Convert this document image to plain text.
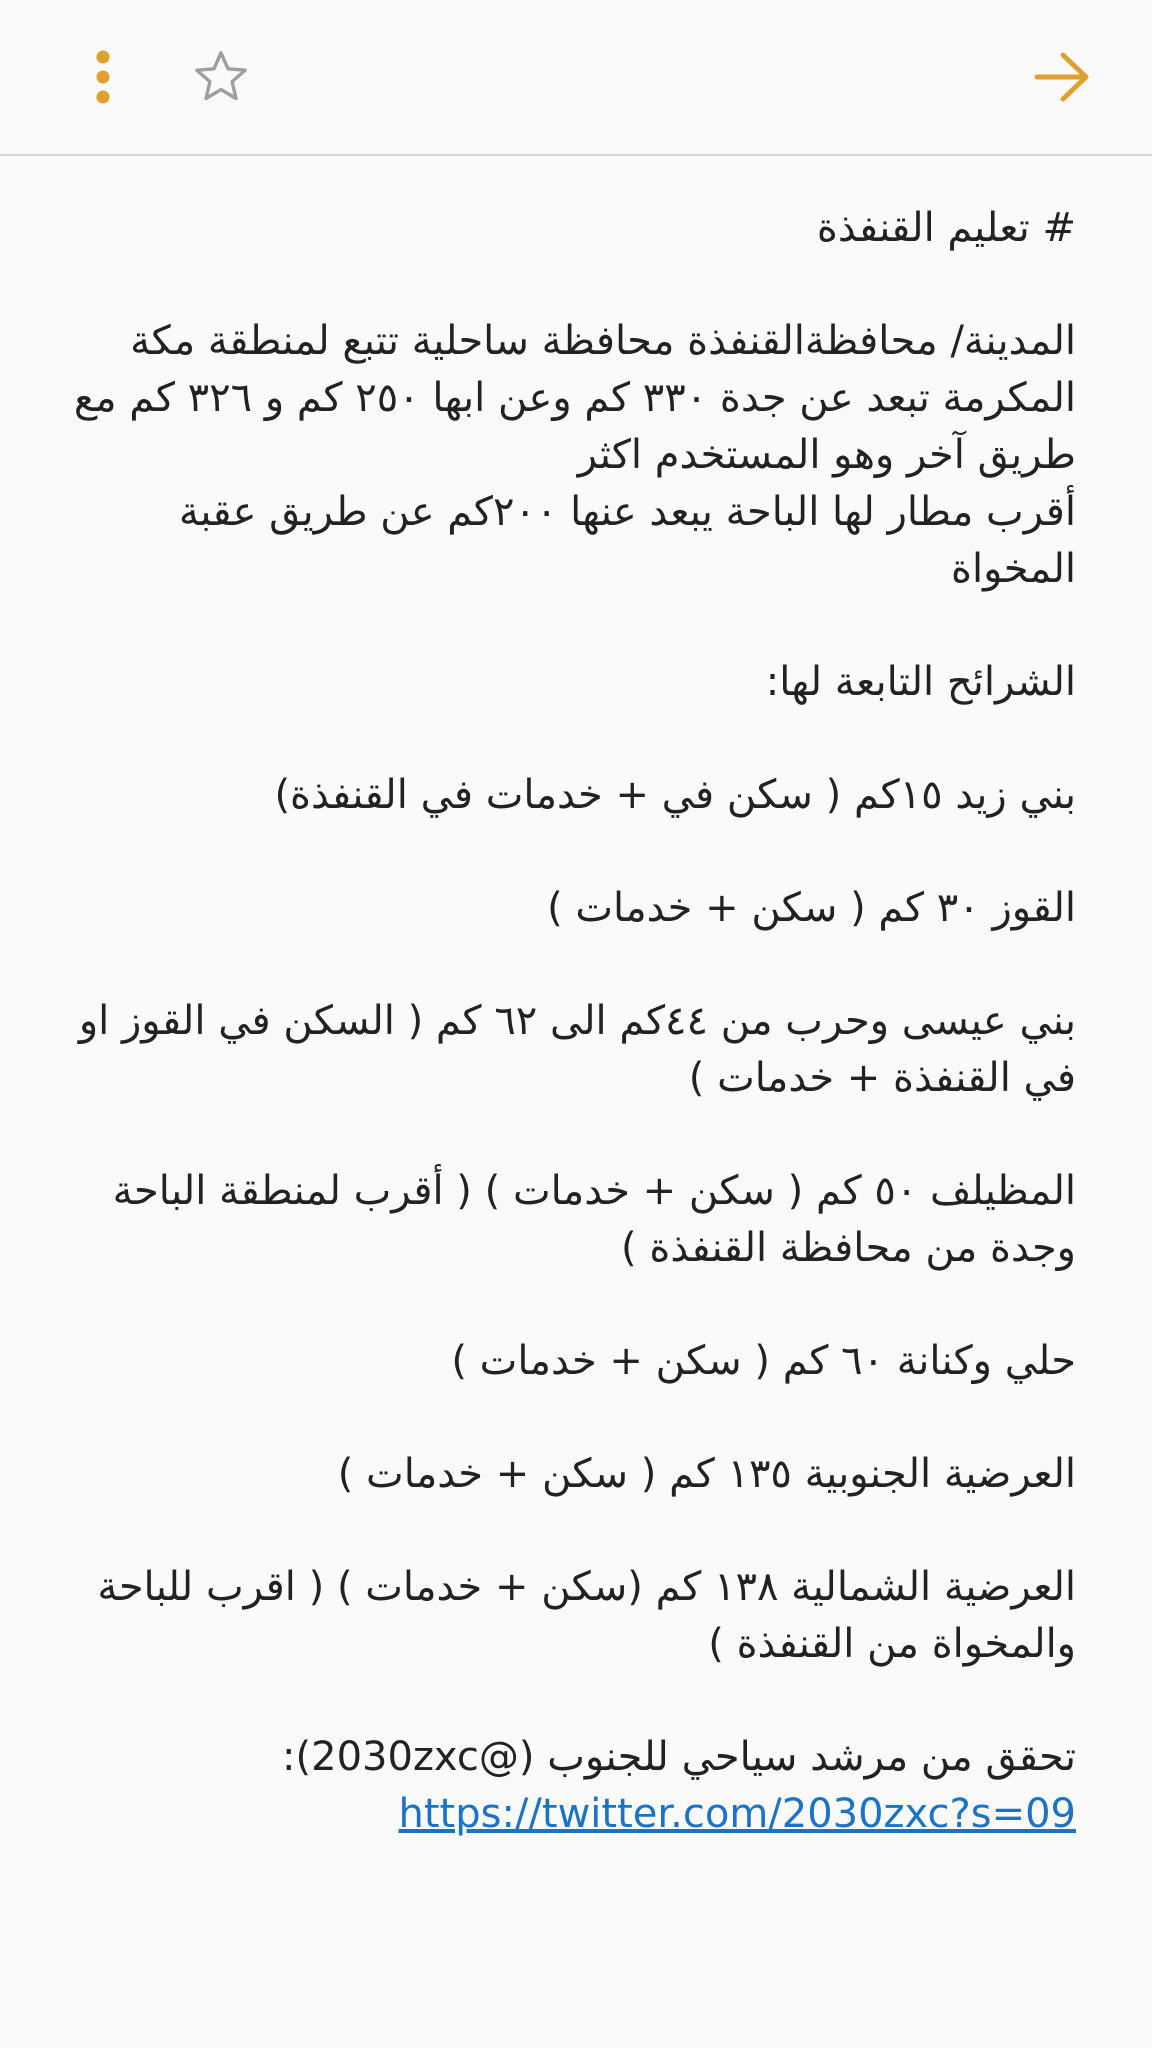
# تعليم القنفذة

المدينة/ محافظةالقنفذة محافظة ساحلية تتبع لمنطقة مكة المكرمة تبعد عن جدة ٣٣٠ كم وعن ابها ٢٥٠ كم و ٣٢٦ كم مع
طريق آخر وهو المستخدم اكثر
أقرب مطار لها الباحة يبعد عنها ٢٠٠كم عن طريق عقبة المخواة

الشرائح التابعة لها:

بني زيد ١٥كم ( سكن في + خدمات في القنفذة)

القوز ٣٠ كم ( سكن + خدمات )

بني عيسى وحرب من ٤٤كم الى ٦٢ كم ( السكن في القوز او في القنفذة + خدمات )

المظيلف ٥٠ كم ( سكن + خدمات ) ( أقرب لمنطقة الباحة وجدة من محافظة القنفذة )

حلي وكنانة ٦٠ كم ( سكن + خدمات )

العرضية الجنوبية ١٣٥ كم ( سكن + خدمات )

العرضية الشمالية ١٣٨ كم (سكن + خدمات ) ( اقرب للباحة والمخواة من القنفذة )

تحقق من مرشد سياحي للجنوب (@2030zxc):
https://twitter.com/2030zxc?s=09
